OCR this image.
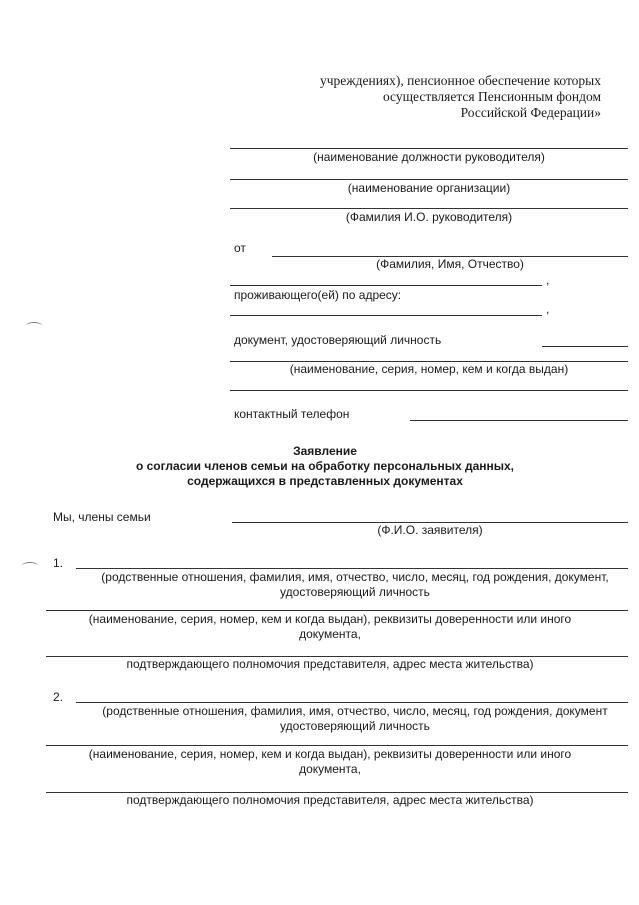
учреждениях), пенсионное обеспечение которых
осуществляется Пенсионным фондом
Российской Федерации»
(наименование должности руководителя)
(наименование организации)
(Фамилия И.О. руководителя)
от
(Фамилия, Имя, Отчество)
,
проживающего(ей) по адресу:
,
документ, удостоверяющий личность
(наименование, серия, номер, кем и когда выдан)
контактный телефон
Заявление
о согласии членов семьи на обработку персональных данных,
содержащихся в представленных документах
Мы, члены семьи
(Ф.И.О. заявителя)
1.
(родственные отношения, фамилия, имя, отчество, число, месяц, год рождения, документ,
удостоверяющий личность
(наименование, серия, номер, кем и когда выдан), реквизиты доверенности или иного
документа,
подтверждающего полномочия представителя, адрес места жительства)
2.
(родственные отношения, фамилия, имя, отчество, число, месяц, год рождения, документ
удостоверяющий личность
(наименование, серия, номер, кем и когда выдан), реквизиты доверенности или иного
документа,
подтверждающего полномочия представителя, адрес места жительства)
